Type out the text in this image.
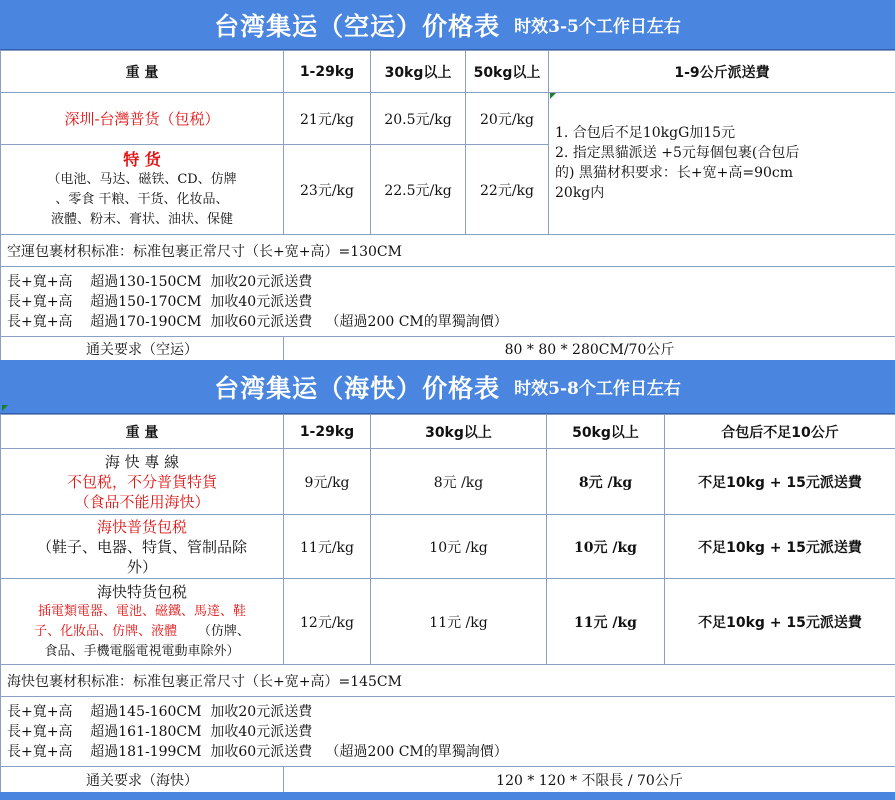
台湾集运（空运）价格表 时效3-5个工作日左右
重 量	1-29kg	30kg以上	50kg以上	1-9公斤派送費
深圳-台灣普货（包税）	21元/kg	20.5元/kg	20元/kg	1. 合包后不足10kgG加15元
2. 指定黑貓派送 +5元每個包裹(合包后
的) 黑猫材积要求：长+宽+高=90cm
20kg内

特 货
（电池、马达、磁铁、CD、仿牌
、零食 干粮、干货、化妆品、
液體、粉末、膏状、油状、保健	23元/kg	22.5元/kg	22元/kg	
空運包裹材积标准：标准包裹正常尺寸（长+宽+高）=130CM				

長+寬+高    超過130-150CM  加收20元派送費
長+寬+高    超過150-170CM  加收40元派送費
長+寬+高    超過170-190CM  加收60元派送費   （超過200 CM的單獨詢價）				

通关要求（空运）	80 * 80 * 280CM/70公斤			
台湾集运（海快）价格表 时效5-8个工作日左右
重 量	1-29kg	30kg以上	50kg以上	合包后不足10公斤

海 快 專 線
不包税，不分普貨特貨
（食品不能用海快）	9元/kg	8元 /kg	8元 /kg	不足10kg + 15元派送費

海快普货包税
（鞋子、电器、特貨、管制品除
外）	11元/kg	10元 /kg	10元 /kg	不足10kg + 15元派送費

海快特货包税
插電類電器、電池、磁鐵、馬達、鞋
子、化妝品、仿牌、液體 （仿牌、
食品、手機電腦電視電動車除外）	12元/kg	11元 /kg	11元 /kg	不足10kg + 15元派送費
海快包裹材积标准：标准包裹正常尺寸（长+宽+高）=145CM				

長+寬+高    超過145-160CM  加收20元派送費
長+寬+高    超過161-180CM  加收40元派送費
長+寬+高    超過181-199CM  加收60元派送費   （超過200 CM的單獨詢價）				

通关要求（海快）	120 * 120 * 不限長 / 70公斤			
